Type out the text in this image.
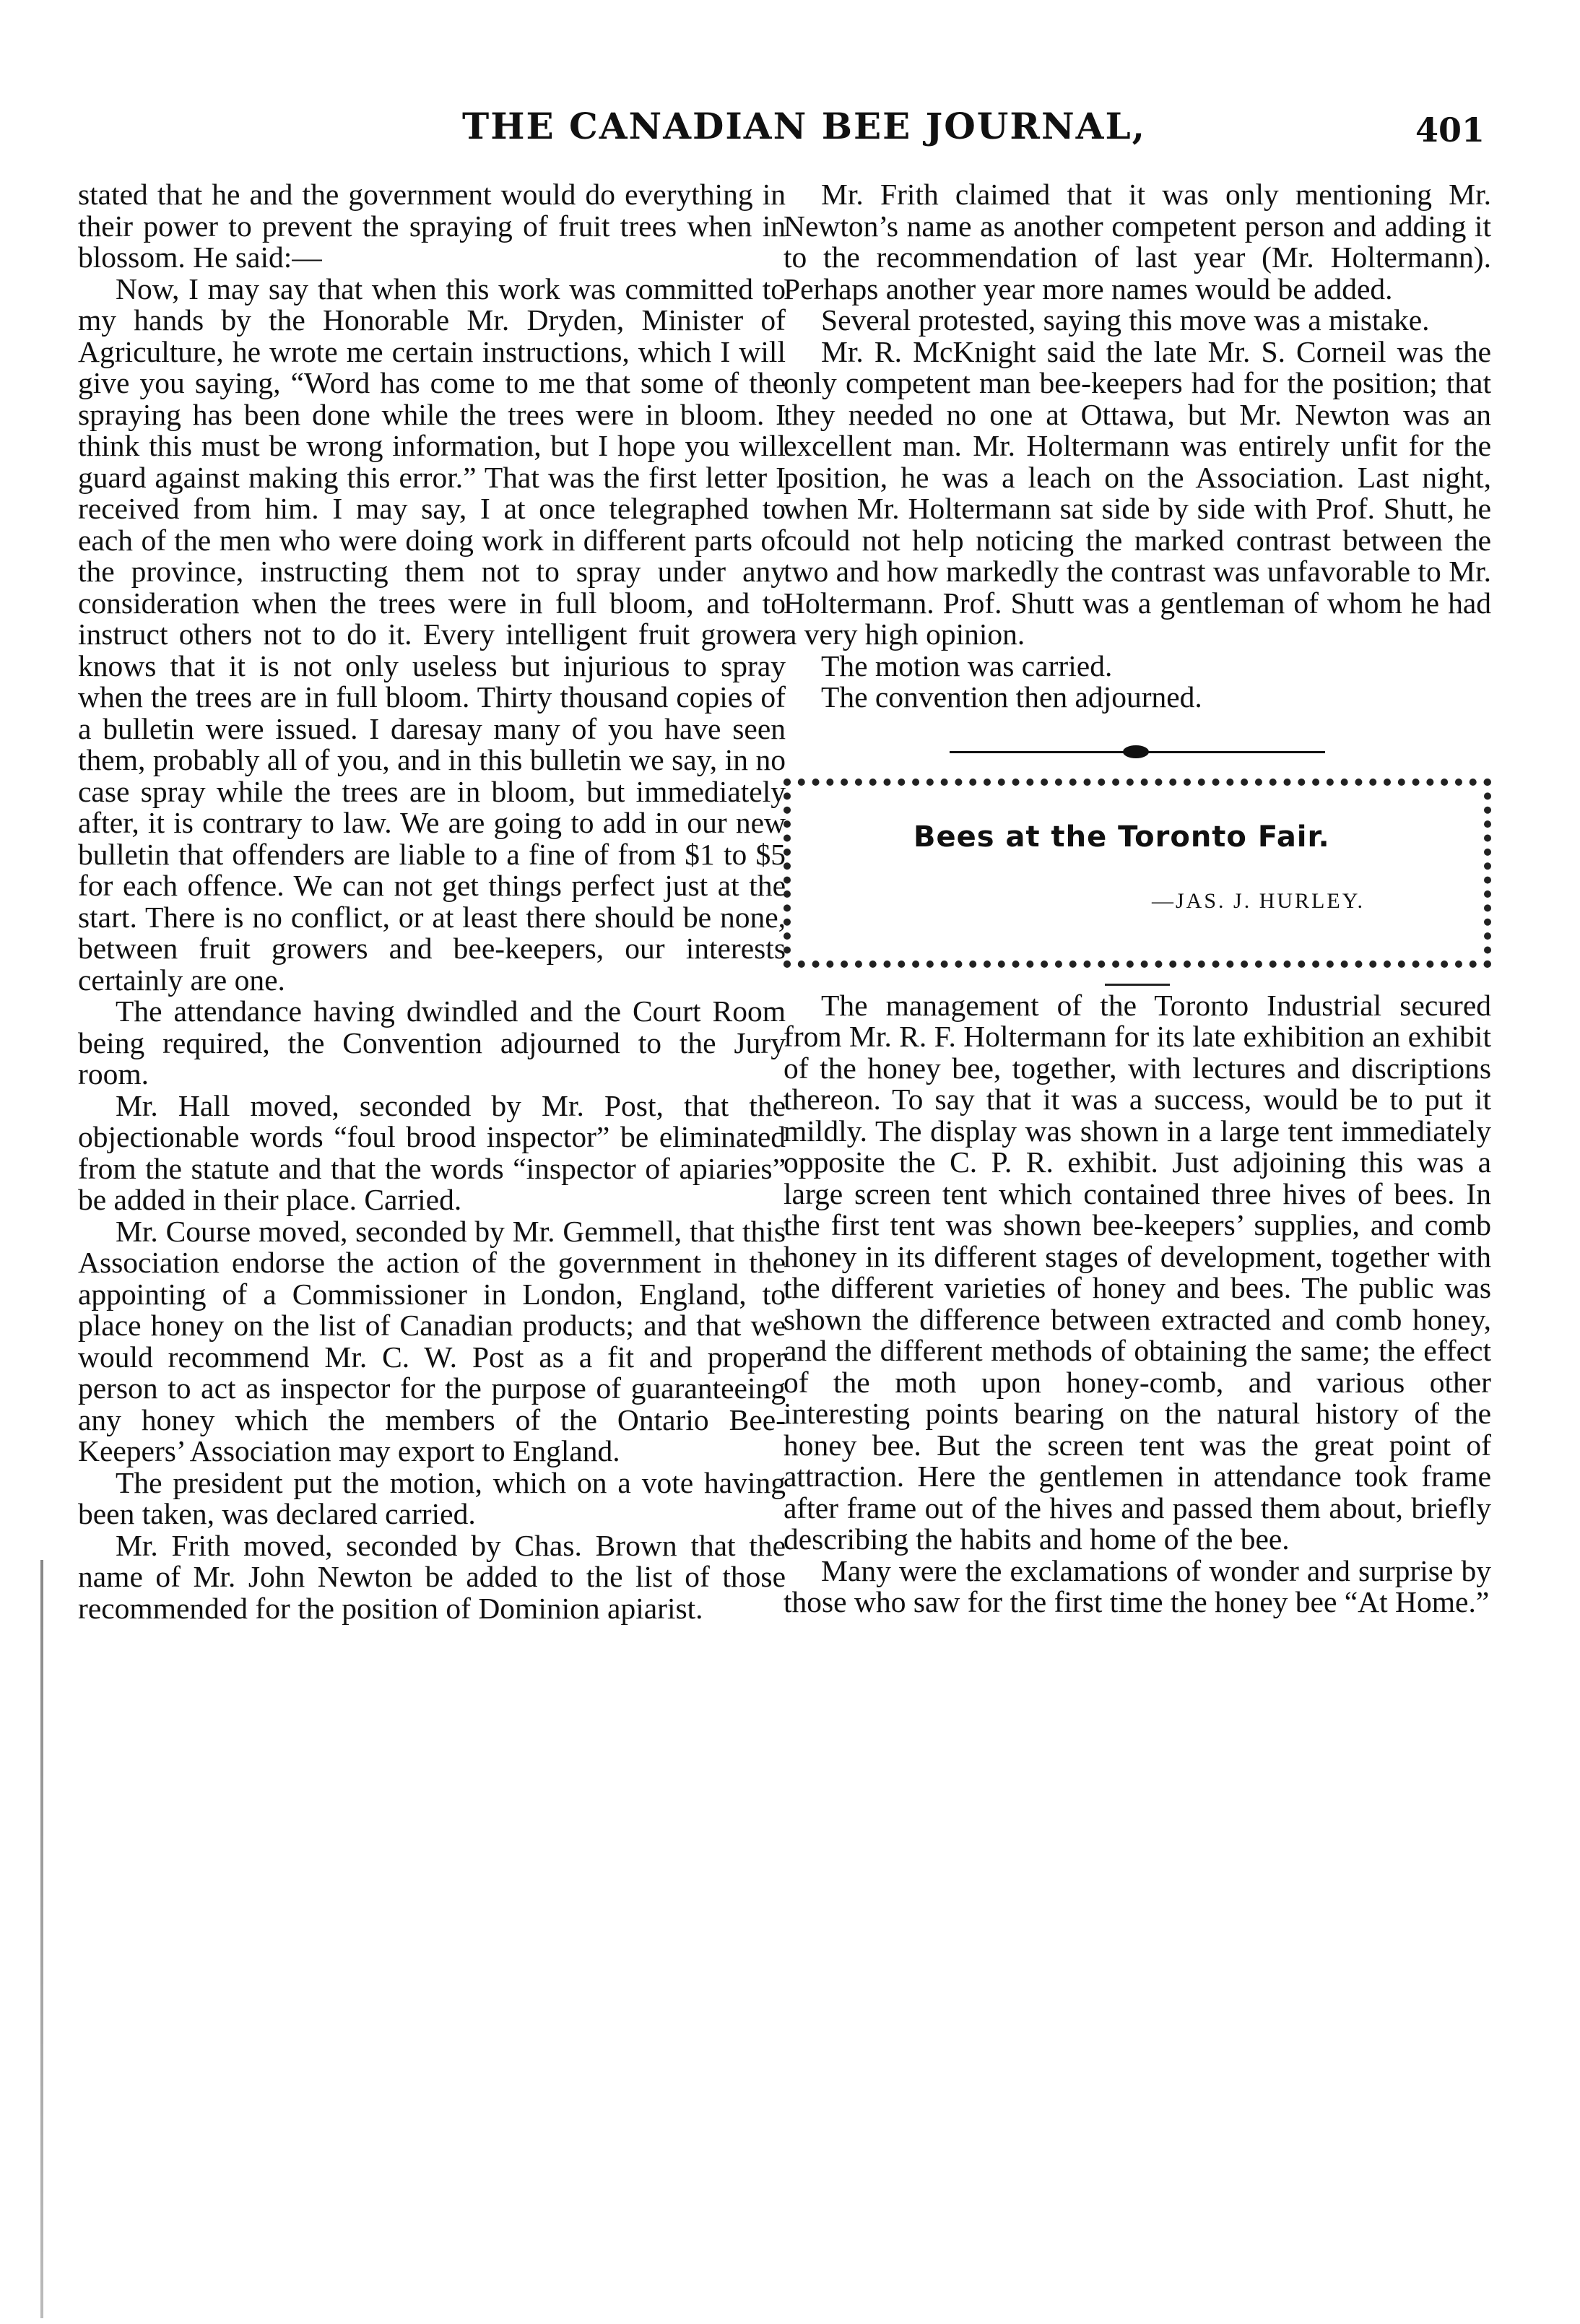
THE CANADIAN BEE JOURNAL,	401

stated that he and the government would do everything in their power to prevent the spraying of fruit trees when in blossom. He said:—

Now, I may say that when this work was committed to my hands by the Honorable Mr. Dryden, Minister of Agriculture, he wrote me certain instructions, which I will give you saying, “Word has come to me that some of the spraying has been done while the trees were in bloom. I think this must be wrong information, but I hope you will guard against making this error.” That was the first letter I received from him. I may say, I at once telegraphed to each of the men who were doing work in different parts of the province, instructing them not to spray under any consideration when the trees were in full bloom, and to instruct others not to do it. Every intelligent fruit grower knows that it is not only useless but injurious to spray when the trees are in full bloom. Thirty thousand copies of a bulletin were issued. I daresay many of you have seen them, probably all of you, and in this bulletin we say, in no case spray while the trees are in bloom, but immediately after, it is contrary to law. We are going to add in our new bulletin that offenders are liable to a fine of from $1 to $5 for each offence. We can not get things perfect just at the start. There is no conflict, or at least there should be none, between fruit growers and bee-keepers, our interests certainly are one.

The attendance having dwindled and the Court Room being required, the Convention adjourned to the Jury room.

Mr. Hall moved, seconded by Mr. Post, that the objectionable words “foul brood inspector” be eliminated from the statute and that the words “inspector of apiaries” be added in their place. Carried.

Mr. Course moved, seconded by Mr. Gemmell, that this Association endorse the action of the government in the appointing of a Commissioner in London, England, to place honey on the list of Canadian products; and that we would recommend Mr. C. W. Post as a fit and proper person to act as inspector for the purpose of guaranteeing any honey which the members of the Ontario Bee-Keepers’ Association may export to England.

The president put the motion, which on a vote having been taken, was declared carried.

Mr. Frith moved, seconded by Chas. Brown that the name of Mr. John Newton be added to the list of those recommended for the position of Dominion apiarist.

Mr. Frith claimed that it was only mentioning Mr. Newton’s name as another competent person and adding it to the recommendation of last year (Mr. Holtermann). Perhaps another year more names would be added.

Several protested, saying this move was a mistake.

Mr. R. McKnight said the late Mr. S. Corneil was the only competent man bee-keepers had for the position; that they needed no one at Ottawa, but Mr. Newton was an excellent man. Mr. Holtermann was entirely unfit for the position, he was a leach on the Association. Last night, when Mr. Holtermann sat side by side with Prof. Shutt, he could not help noticing the marked contrast between the two and how markedly the contrast was unfavorable to Mr. Holtermann. Prof. Shutt was a gentleman of whom he had a very high opinion.

The motion was carried.

The convention then adjourned.

Bees at the Toronto Fair.
—JAS. J. HURLEY.

The management of the Toronto Industrial secured from Mr. R. F. Holtermann for its late exhibition an exhibit of the honey bee, together, with lectures and discriptions thereon. To say that it was a success, would be to put it mildly. The display was shown in a large tent immediately opposite the C. P. R. exhibit. Just adjoining this was a large screen tent which contained three hives of bees. In the first tent was shown bee-keepers’ supplies, and comb honey in its different stages of development, together with the different varieties of honey and bees. The public was shown the difference between extracted and comb honey, and the different methods of obtaining the same; the effect of the moth upon honey-comb, and various other interesting points bearing on the natural history of the honey bee. But the screen tent was the great point of attraction. Here the gentlemen in attendance took frame after frame out of the hives and passed them about, briefly describing the habits and home of the bee.

Many were the exclamations of wonder and surprise by those who saw for the first time the honey bee “At Home.”
